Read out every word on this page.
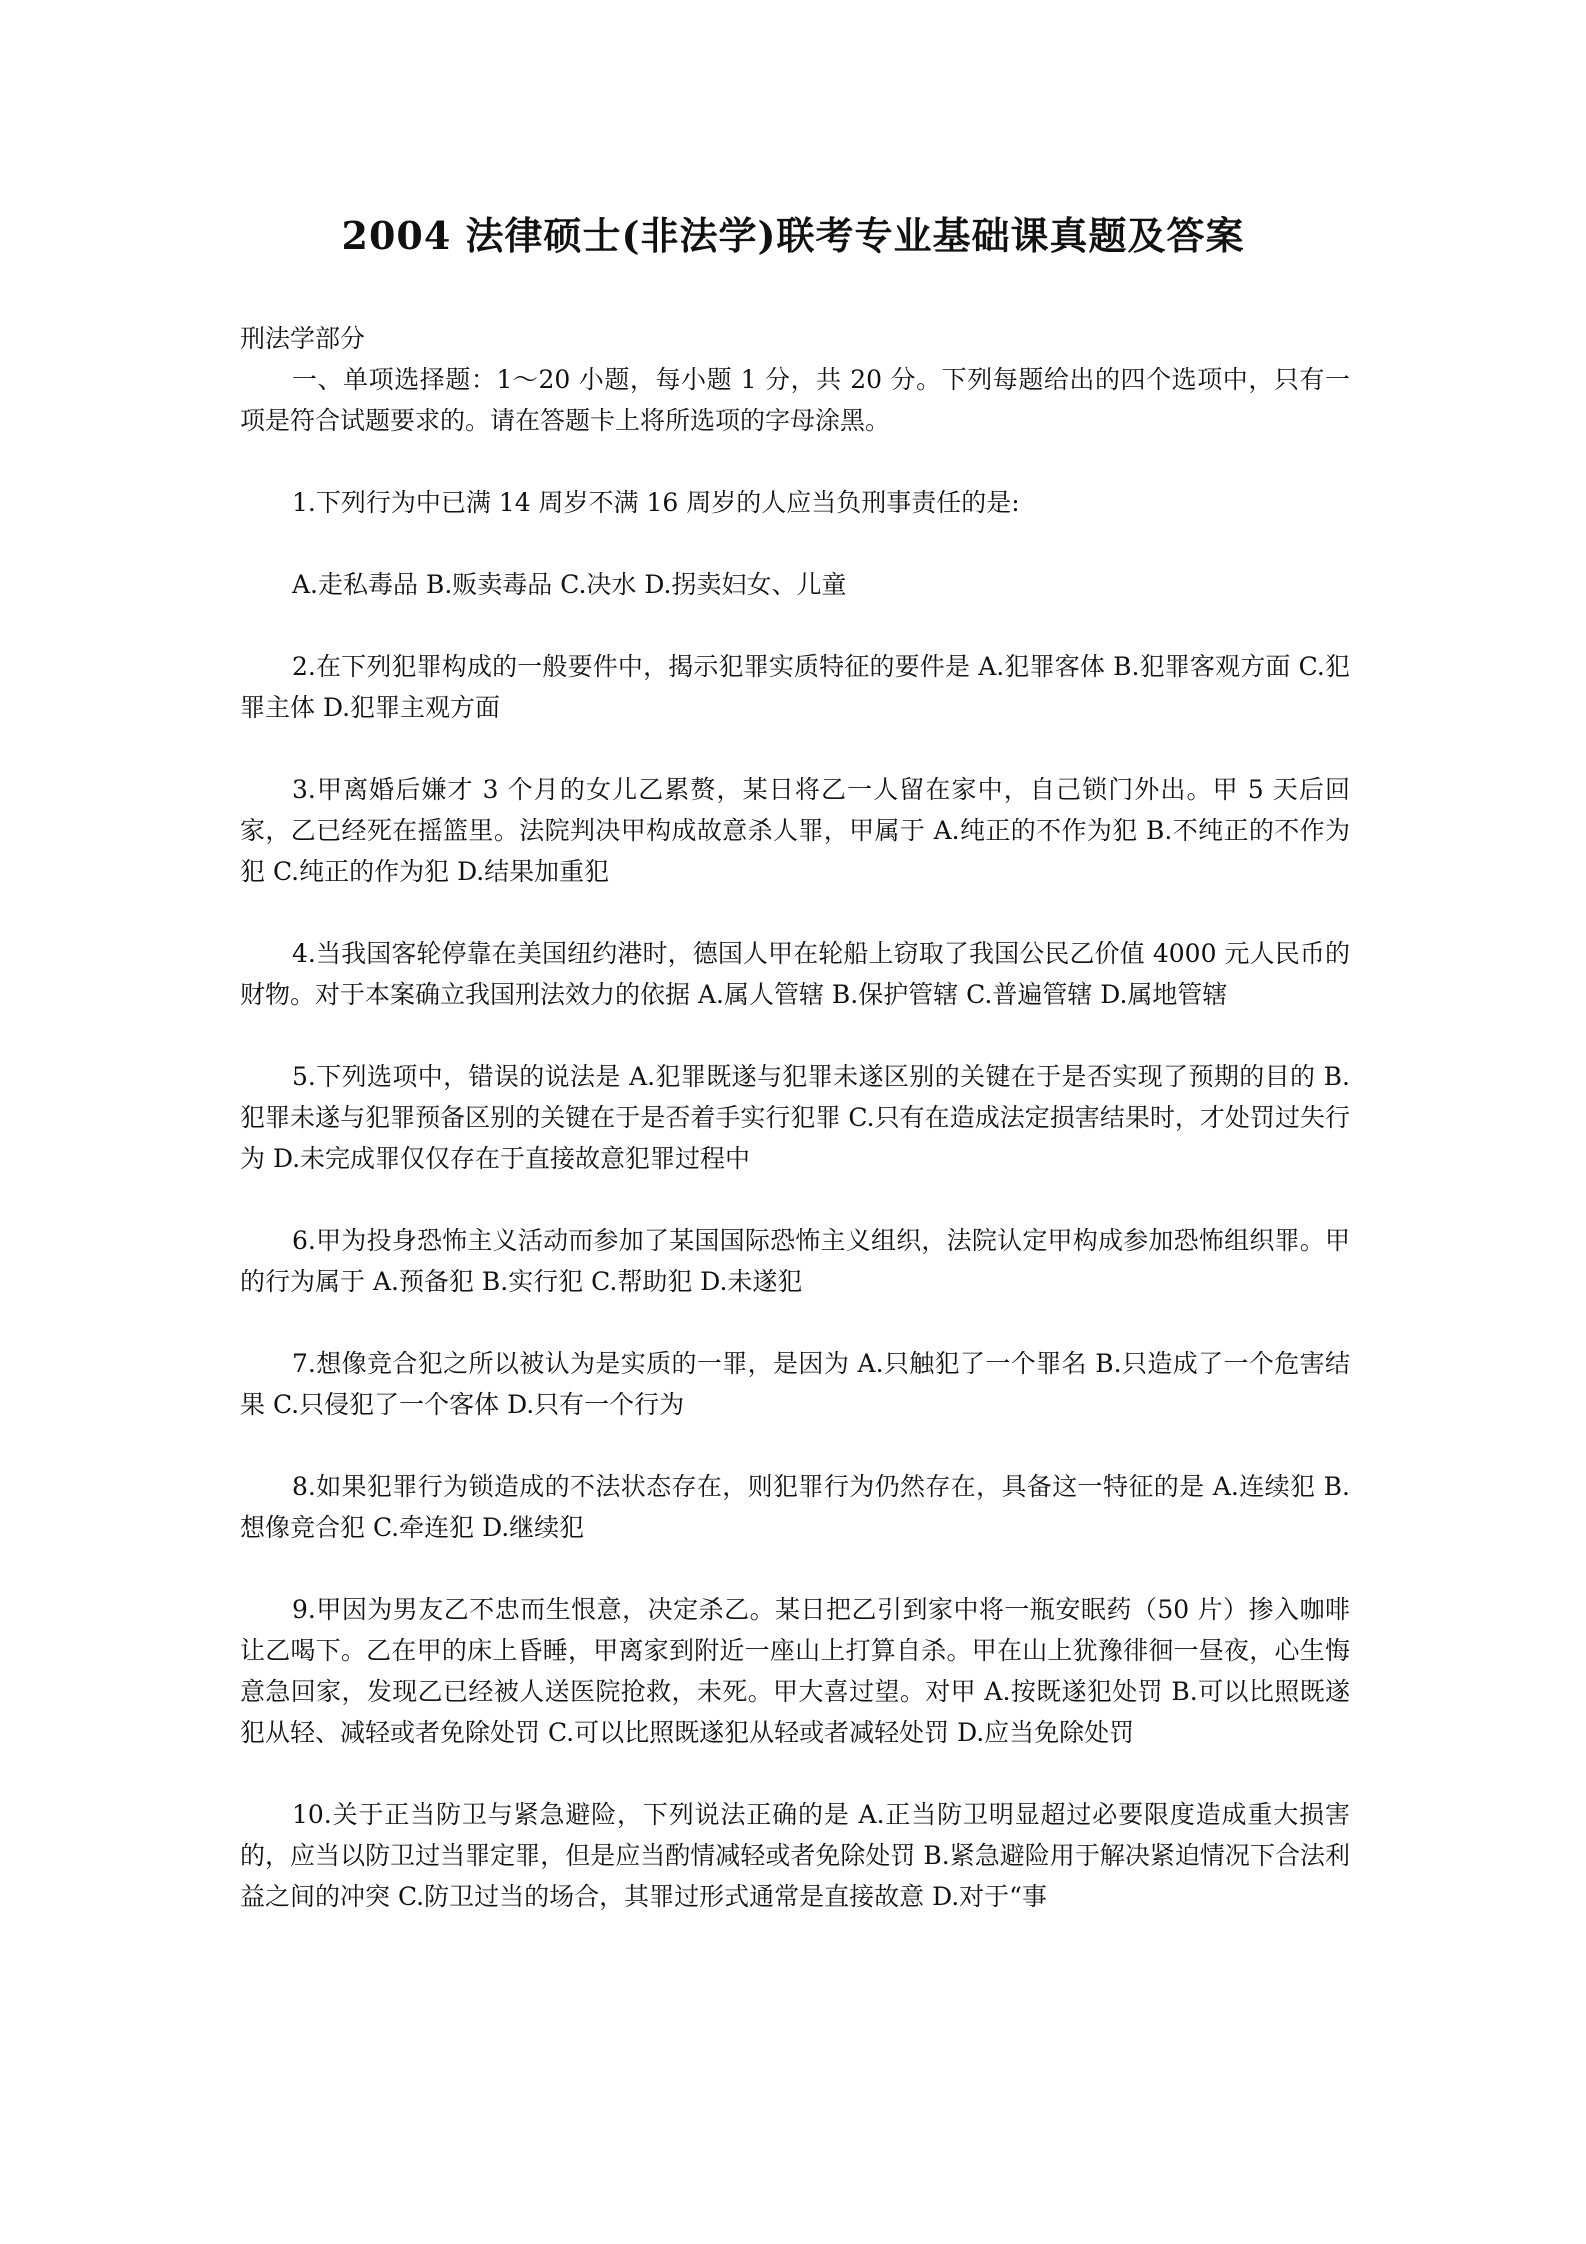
2004 法律硕士(非法学)联考专业基础课真题及答案

刑法学部分

一、单项选择题：1～20 小题，每小题 1 分，共 20 分。下列每题给出的四个选项中，只有一项是符合试题要求的。请在答题卡上将所选项的字母涂黑。

1.下列行为中已满 14 周岁不满 16 周岁的人应当负刑事责任的是:

A.走私毒品 B.贩卖毒品 C.决水 D.拐卖妇女、儿童

2.在下列犯罪构成的一般要件中，揭示犯罪实质特征的要件是 A.犯罪客体 B.犯罪客观方面 C.犯罪主体 D.犯罪主观方面

3.甲离婚后嫌才 3 个月的女儿乙累赘，某日将乙一人留在家中，自己锁门外出。甲 5 天后回家，乙已经死在摇篮里。法院判决甲构成故意杀人罪，甲属于 A.纯正的不作为犯 B.不纯正的不作为犯 C.纯正的作为犯 D.结果加重犯

4.当我国客轮停靠在美国纽约港时，德国人甲在轮船上窃取了我国公民乙价值 4000 元人民币的财物。对于本案确立我国刑法效力的依据 A.属人管辖 B.保护管辖 C.普遍管辖 D.属地管辖

5.下列选项中，错误的说法是 A.犯罪既遂与犯罪未遂区别的关键在于是否实现了预期的目的 B.犯罪未遂与犯罪预备区别的关键在于是否着手实行犯罪 C.只有在造成法定损害结果时，才处罚过失行为 D.未完成罪仅仅存在于直接故意犯罪过程中

6.甲为投身恐怖主义活动而参加了某国国际恐怖主义组织，法院认定甲构成参加恐怖组织罪。甲的行为属于 A.预备犯 B.实行犯 C.帮助犯 D.未遂犯

7.想像竞合犯之所以被认为是实质的一罪，是因为 A.只触犯了一个罪名 B.只造成了一个危害结果 C.只侵犯了一个客体 D.只有一个行为

8.如果犯罪行为锁造成的不法状态存在，则犯罪行为仍然存在，具备这一特征的是 A.连续犯 B.想像竞合犯 C.牵连犯 D.继续犯

9.甲因为男友乙不忠而生恨意，决定杀乙。某日把乙引到家中将一瓶安眠药（50 片）掺入咖啡让乙喝下。乙在甲的床上昏睡，甲离家到附近一座山上打算自杀。甲在山上犹豫徘徊一昼夜，心生悔意急回家，发现乙已经被人送医院抢救，未死。甲大喜过望。对甲 A.按既遂犯处罚 B.可以比照既遂犯从轻、减轻或者免除处罚 C.可以比照既遂犯从轻或者减轻处罚 D.应当免除处罚

10.关于正当防卫与紧急避险，下列说法正确的是 A.正当防卫明显超过必要限度造成重大损害的，应当以防卫过当罪定罪，但是应当酌情减轻或者免除处罚 B.紧急避险用于解决紧迫情况下合法利益之间的冲突 C.防卫过当的场合，其罪过形式通常是直接故意 D.对于“事
